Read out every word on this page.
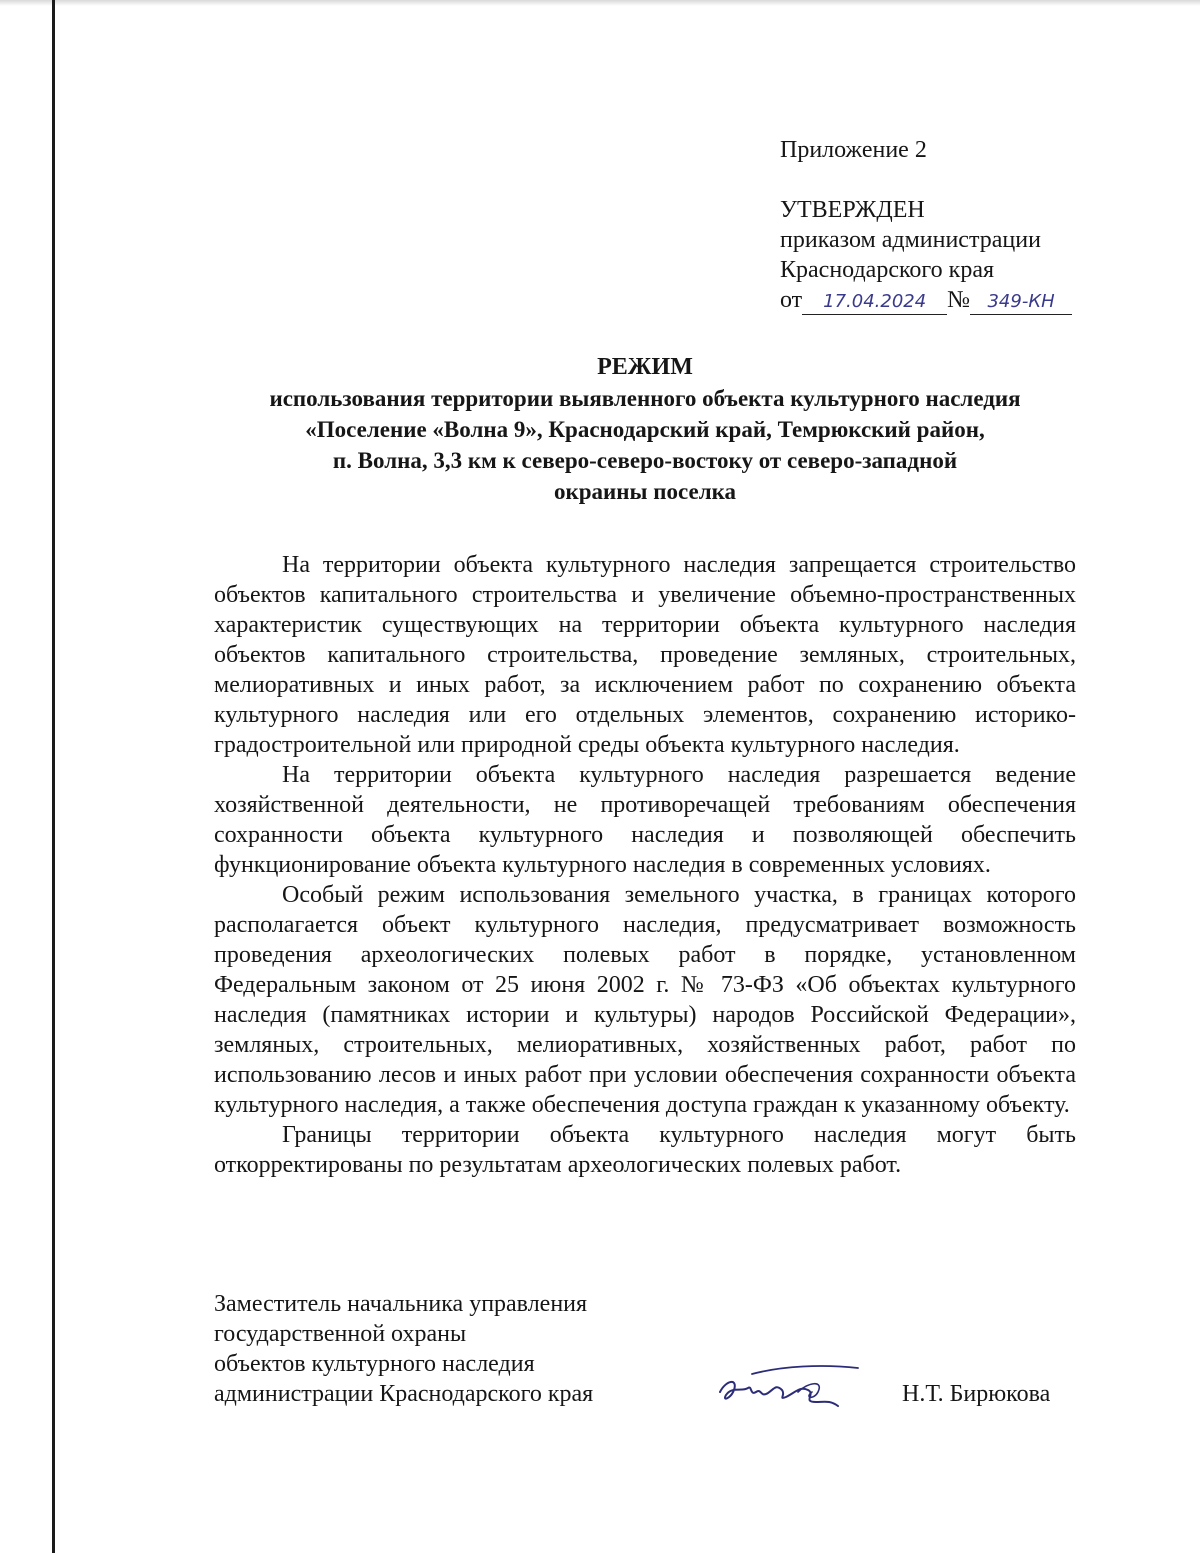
Приложение 2
УТВЕРЖДЕН
приказом администрации
Краснодарского края
от 17.04.2024 № 349-КН
РЕЖИМ
использования территории выявленного объекта культурного наследия
«Поселение «Волна 9», Краснодарский край, Темрюкский район,
п. Волна, 3,3 км к северо-северо-востоку от северо-западной
окраины поселка

На территории объекта культурного наследия запрещается строительство объектов капитального строительства и увеличение объемно-пространственных характеристик существующих на территории объекта культурного наследия объектов капитального строительства, проведение земляных, строительных, мелиоративных и иных работ, за исключением работ по сохранению объекта культурного наследия или его отдельных элементов, сохранению историко-градостроительной или природной среды объекта культурного наследия.

На территории объекта культурного наследия разрешается ведение хозяйственной деятельности, не противоречащей требованиям обеспечения сохранности объекта культурного наследия и позволяющей обеспечить функционирование объекта культурного наследия в современных условиях.

Особый режим использования земельного участка, в границах которого располагается объект культурного наследия, предусматривает возможность проведения археологических полевых работ в порядке, установленном Федеральным законом от 25 июня 2002 г. № 73-ФЗ «Об объектах культурного наследия (памятниках истории и культуры) народов Российской Федерации», земляных, строительных, мелиоративных, хозяйственных работ, работ по использованию лесов и иных работ при условии обеспечения сохранности объекта культурного наследия, а также обеспечения доступа граждан к указанному объекту.

Границы территории объекта культурного наследия могут быть откорректированы по результатам археологических полевых работ.

Заместитель начальника управления
государственной охраны
объектов культурного наследия
администрации Краснодарского края	Н.Т. Бирюкова
